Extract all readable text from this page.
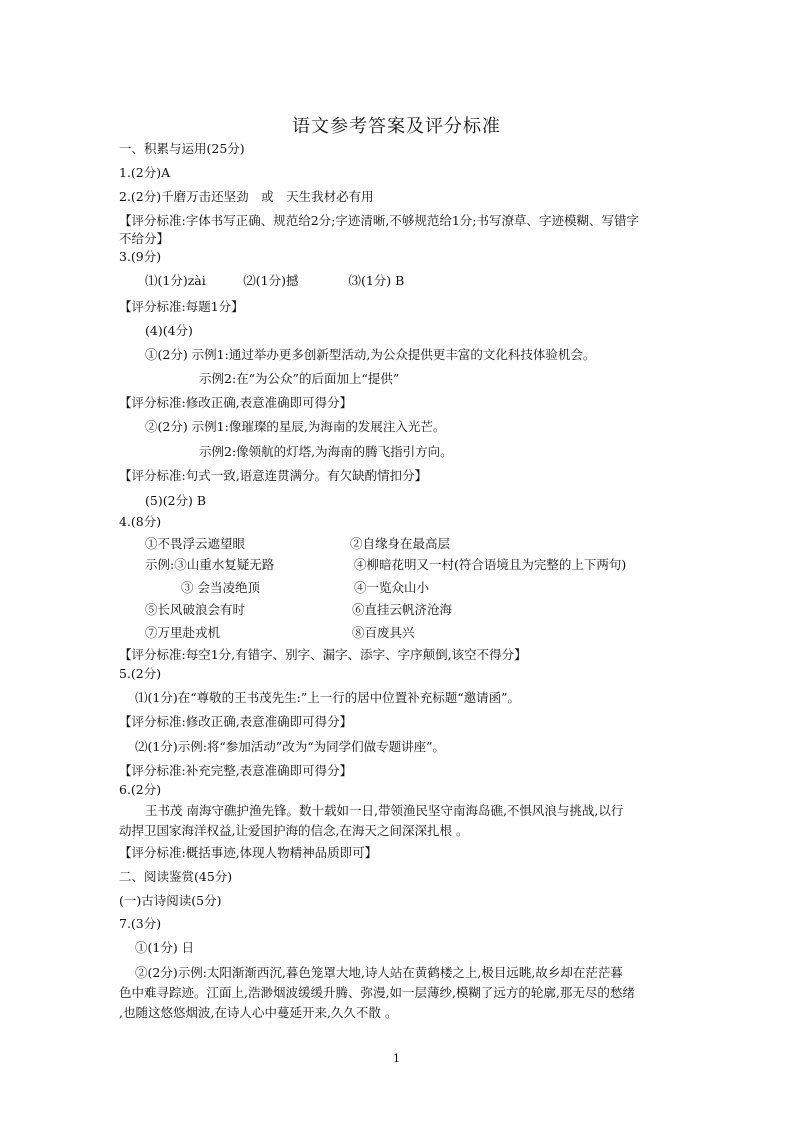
语文参考答案及评分标准
一、积累与运用(25分)
1.(2分)A
2.(2分)千磨万击还坚劲　或　天生我材必有用
【评分标准:字体书写正确、规范给2分;字迹清晰,不够规范给1分;书写潦草、字迹模糊、写错字
不给分】
3.(9分)
⑴(1分)zài　　　⑵(1分)撼　　　　⑶(1分) B
【评分标准:每题1分】
(4)(4分)
①(2分) 示例1:通过举办更多创新型活动,为公众提供更丰富的文化科技体验机会。
示例2:在“为公众”的后面加上“提供”
【评分标准:修改正确,表意准确即可得分】
②(2分) 示例1:像璀璨的星辰,为海南的发展注入光芒。
示例2:像领航的灯塔,为海南的腾飞指引方向。
【评分标准:句式一致,语意连贯满分。有欠缺酌情扣分】
(5)(2分) B
4.(8分)
①不畏浮云遮望眼	②自缘身在最高层
示例:③山重水复疑无路	④柳暗花明又一村(符合语境且为完整的上下两句)
③ 会当凌绝顶	④一览众山小
⑤长风破浪会有时	⑥直挂云帆济沧海
⑦万里赴戎机	⑧百废具兴
【评分标准:每空1分,有错字、别字、漏字、添字、字序颠倒,该空不得分】
5.(2分)
⑴(1分)在“尊敬的王书茂先生:”上一行的居中位置补充标题“邀请函”。
【评分标准:修改正确,表意准确即可得分】
⑵(1分)示例:将“参加活动”改为“为同学们做专题讲座”。
【评分标准:补充完整,表意准确即可得分】
6.(2分)
王书茂 南海守礁护渔先锋。数十载如一日,带领渔民坚守南海岛礁,不惧风浪与挑战,以行
动捍卫国家海洋权益,让爱国护海的信念,在海天之间深深扎根 。
【评分标准:概括事迹,体现人物精神品质即可】
二、阅读鉴赏(45分)
(一)古诗阅读(5分)
7.(3分)
①(1分) 日
②(2分)示例:太阳渐渐西沉,暮色笼罩大地,诗人站在黄鹤楼之上,极目远眺,故乡却在茫茫暮
色中难寻踪迹。江面上,浩渺烟波缓缓升腾、弥漫,如一层薄纱,模糊了远方的轮廓,那无尽的愁绪
,也随这悠悠烟波,在诗人心中蔓延开来,久久不散 。
1
